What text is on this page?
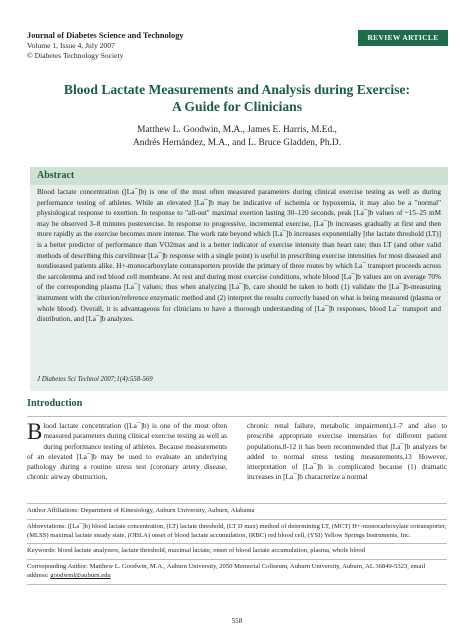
Journal of Diabetes Science and Technology
Volume 1, Issue 4, July 2007
© Diabetes Technology Society
REVIEW ARTICLE
Blood Lactate Measurements and Analysis during Exercise:
A Guide for Clinicians
Matthew L. Goodwin, M.A., James E. Harris, M.Ed.,
Andrés Hernández, M.A., and L. Bruce Gladden, Ph.D.
Abstract
Blood lactate concentration ([La¯]b) is one of the most often measured parameters during clinical exercise testing as well as during performance testing of athletes. While an elevated [La¯]b may be indicative of ischemia or hypoxemia, it may also be a "normal" physiological response to exertion. In response to "all-out" maximal exertion lasting 30–120 seconds, peak [La¯]b values of ~15–25 mM may be observed 3–8 minutes postexercise. In response to progressive, incremental exercise, [La¯]b increases gradually at first and then more rapidly as the exercise becomes more intense. The work rate beyond which [La¯]b increases exponentially [the lactate threshold (LT)] is a better predictor of performance than VO2max and is a better indicator of exercise intensity than heart rate; thus LT (and other valid methods of describing this curvilinear [La¯]b response with a single point) is useful in prescribing exercise intensities for most diseased and nondiseased patients alike. H+-monocarboxylate cotransporters provide the primary of three routes by which La¯ transport proceeds across the sarcolemma and red blood cell membrane. At rest and during most exercise conditions, whole blood [La¯]b values are on average 70% of the corresponding plasma [La¯] values; thus when analyzing [La¯]b, care should be taken to both (1) validate the [La¯]b-measuring instrument with the criterion/reference enzymatic method and (2) interpret the results correctly based on what is being measured (plasma or whole blood). Overall, it is advantageous for clinicians to have a thorough understanding of [La¯]b responses, blood La¯ transport and distribution, and [La¯]b analyzes.
J Diabetes Sci Technol 2007;1(4):558-569
Introduction
B lood lactate concentration ([La¯]b) is one of the most often measured parameters during clinical exercise testing as well as during performance testing of athletes. Because measurements of an elevated [La¯]b may be used to evaluate an underlying pathology during a routine stress test (coronary artery disease, chronic airway obstruction,
chronic renal failure, metabolic impairment),1-7 and also to prescribe appropriate exercise intensities for different patient populations,8-12 it has been recommended that [La¯]b analyzes be added to normal stress testing measurements.13 However, interpretation of [La¯]b is complicated because (1) dramatic increases in [La¯]b characterize a normal
Author Affiliations: Department of Kinesiology, Auburn University, Auburn, Alabama
Abbreviations: ([La¯]b) blood lactate concentration, (LT) lactate threshold, (LT D max) method of determining LT, (MCT) H+-monocarboxylate cotransporter, (MLSS) maximal lactate steady state, (OBLA) onset of blood lactate accumulation, (RBC) red blood cell, (YSI) Yellow Springs Instruments, Inc.
Keywords: blood lactate analyzers, lactate threshold, maximal lactate, onset of blood lactate accumulation, plasma, whole blood
Corresponding Author: Matthew L. Goodwin, M.A., Auburn University, 2050 Memorial Coliseum, Auburn University, Auburn, AL 36849-5323, email address: goodwml@auburn.edu
558
